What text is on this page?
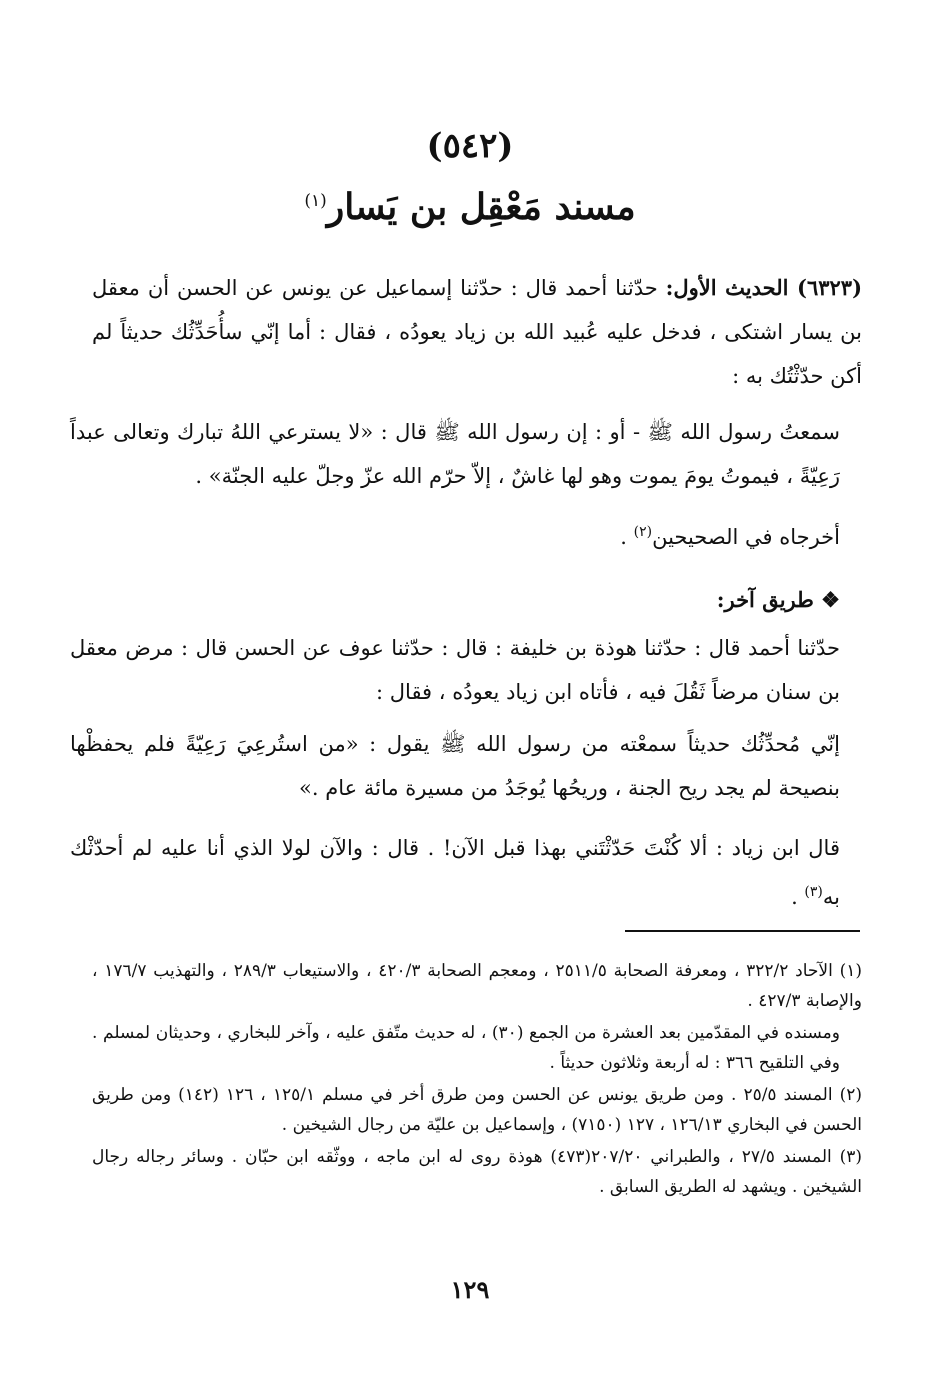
(٥٤٢)
مسند مَعْقِل بن يَسار$^{(١)}$
(٦٣٢٣) الحديث الأول: حدّثنا أحمد قال : حدّثنا إسماعيل عن يونس عن الحسن أن معقل بن يسار اشتكى ، فدخل عليه عُبيد الله بن زياد يعودُه ، فقال : أما إنّي سأُحَدِّثُك حديثاً لم أكن حدّثْتُك به :
سمعتُ رسول الله ﷺ - أو : إن رسول الله ﷺ قال : «لا يسترعي اللهُ تبارك وتعالى عبداً رَعِيّةً ، فيموتُ يومَ يموت وهو لها غاشٌ ، إلاّ حرّم الله عزّ وجلّ عليه الجنّة» .
أخرجاه في الصحيحين$^{(٢)}$ .
❖ طريق آخر:
حدّثنا أحمد قال : حدّثنا هوذة بن خليفة : قال : حدّثنا عوف عن الحسن قال : مرض معقل بن سنان مرضاً ثَقُلَ فيه ، فأتاه ابن زياد يعودُه ، فقال :
إنّي مُحدِّثُك حديثاً سمعْته من رسول الله ﷺ يقول : «من استُرعِيَ رَعِيّةً فلم يحفظْها بنصيحة لم يجد ريح الجنة ، وريحُها يُوجَدُ من مسيرة مائة عام .»
قال ابن زياد : ألا كُنْتَ حَدّثْتَني بهذا قبل الآن! . قال : والآن لولا الذي أنا عليه لم أحدّثْك به$^{(٣)}$ .
(١) الآحاد ٣٢٢/٢ ، ومعرفة الصحابة ٢٥١١/٥ ، ومعجم الصحابة ٤٢٠/٣ ، والاستيعاب ٢٨٩/٣ ، والتهذيب ١٧٦/٧ ، والإصابة ٤٢٧/٣ .
ومسنده في المقدّمين بعد العشرة من الجمع (٣٠) ، له حديث متّفق عليه ، وآخر للبخاري ، وحديثان لمسلم . وفي التلقيح ٣٦٦ : له أربعة وثلاثون حديثاً .
(٢) المسند ٢٥/٥ . ومن طريق يونس عن الحسن ومن طرق أخر في مسلم ١٢٥/١ ، ١٢٦ (١٤٢) ومن طريق الحسن في البخاري ١٢٦/١٣ ، ١٢٧ (٧١٥٠) ، وإسماعيل بن عليّة من رجال الشيخين .
(٣) المسند ٢٧/٥ ، والطبراني ٢٠٧/٢٠(٤٧٣) هوذة روى له ابن ماجه ، ووثّقه ابن حبّان . وسائر رجاله رجال الشيخين . ويشهد له الطريق السابق .
١٢٩
